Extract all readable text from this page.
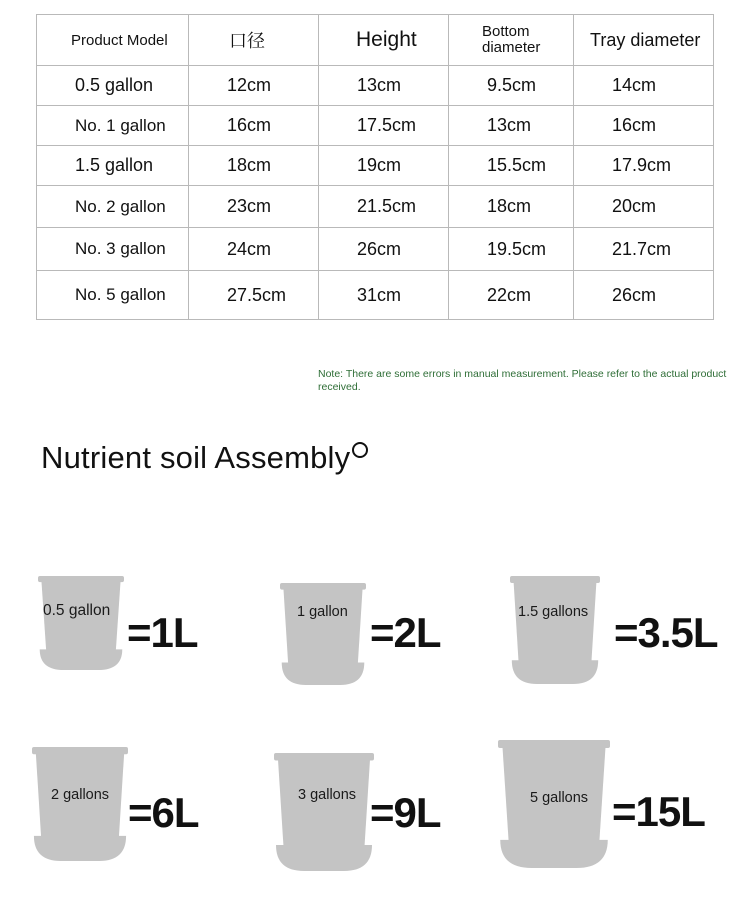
Product Model	口径	Height	Bottom diameter	Tray diameter

0.5 gallon	12cm	13cm	9.5cm	14cm

No. 1 gallon	16cm	17.5cm	13cm	16cm

1.5 gallon	18cm	19cm	15.5cm	17.9cm

No. 2 gallon	23cm	21.5cm	18cm	20cm

No. 3 gallon	24cm	26cm	19.5cm	21.7cm

No. 5 gallon	27.5cm	31cm	22cm	26cm
Note: There are some errors in manual measurement. Please refer to the actual product received.
Nutrient soil Assembly
0.5 gallon =1L	1 gallon =2L	1.5 gallons =3.5L
2 gallons =6L	3 gallons =9L	5 gallons =15L
